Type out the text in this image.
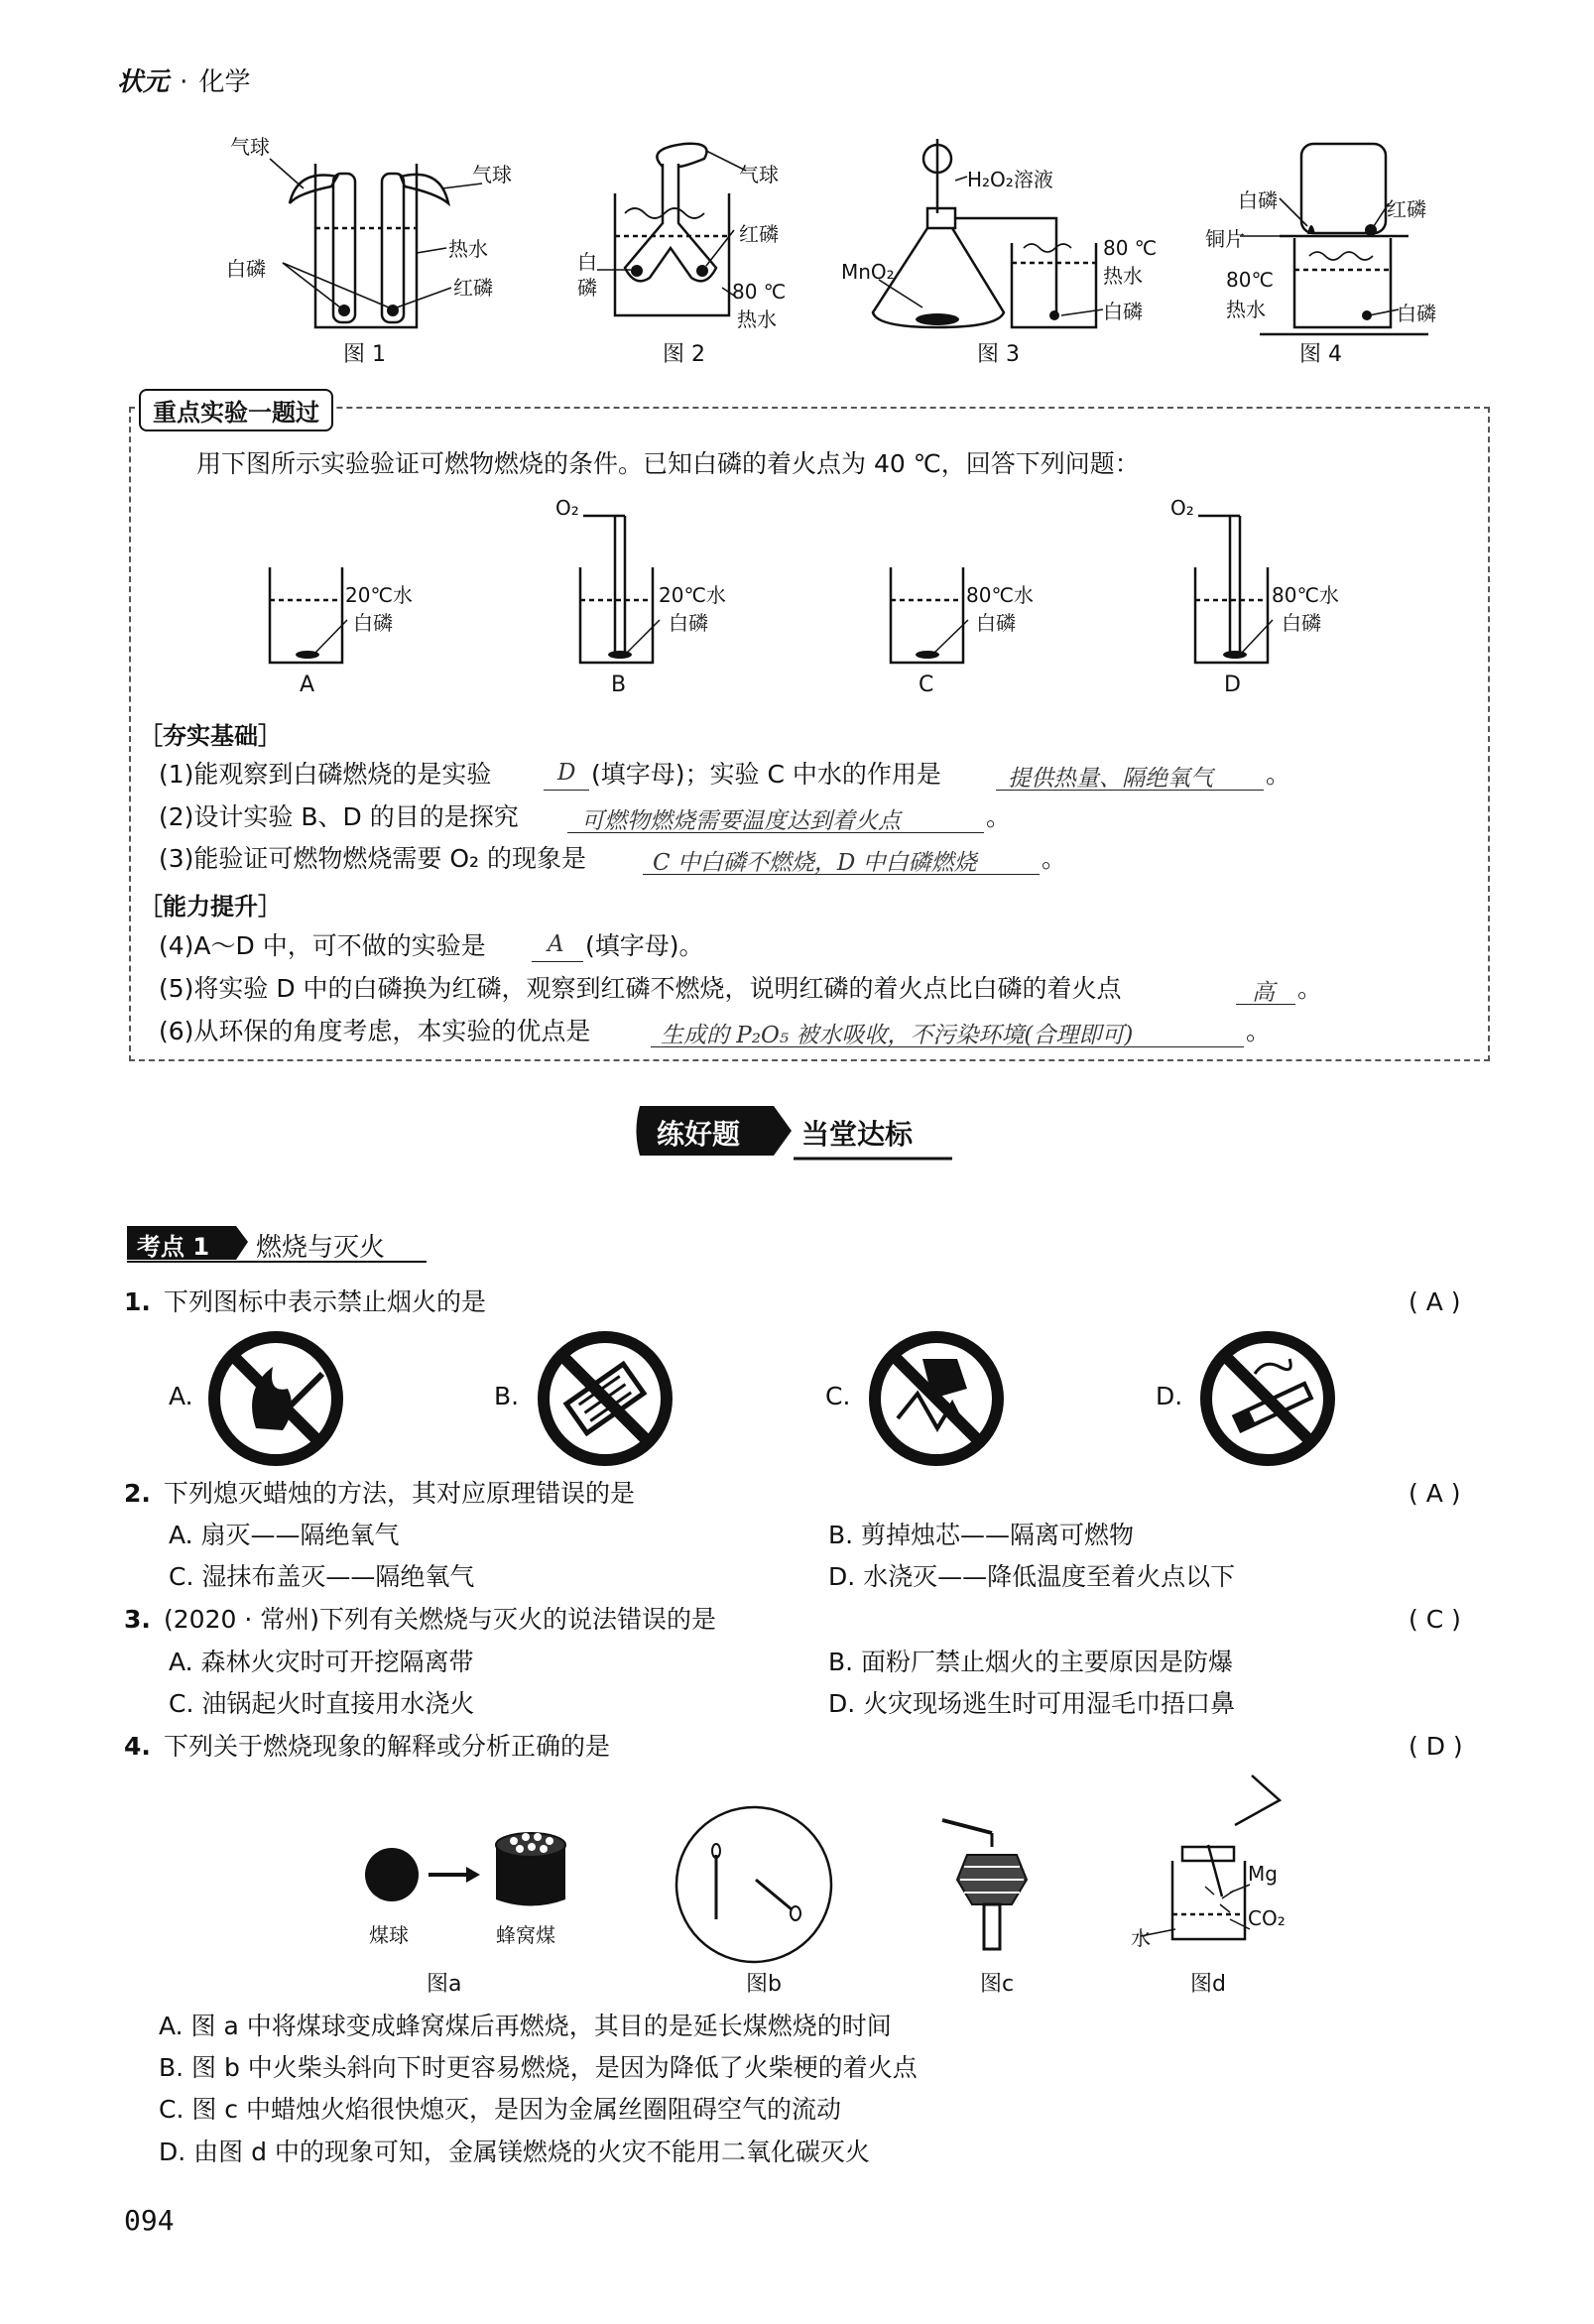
状元 · 化学
气球
气球
热水
白磷
红磷
图 1
气球
红磷
白
磷	80 ℃
热水
图 2
H₂O₂溶液
MnO₂
80 ℃
热水
白磷
图 3
白磷	红磷
铜片
80℃
热水	白磷
图 4
重点实验一题过
用下图所示实验验证可燃物燃烧的条件。已知白磷的着火点为 40 ℃，回答下列问题：
20℃水
白磷
A
O₂
20℃水
白磷
B
80℃水
白磷
C
O₂
80℃水
白磷
D
［夯实基础］
(1)能观察到白磷燃烧的是实验	D (填字母)；实验 C 中水的作用是	提供热量、隔绝氧气 。
(2)设计实验 B、D 的目的是探究	可燃物燃烧需要温度达到着火点	。
(3)能验证可燃物燃烧需要 O₂ 的现象是	C 中白磷不燃烧，D 中白磷燃烧	。
［能力提升］
(4)A～D 中，可不做的实验是	A (填字母)。
(5)将实验 D 中的白磷换为红磷，观察到红磷不燃烧，说明红磷的着火点比白磷的着火点	高 。
(6)从环保的角度考虑，本实验的优点是	生成的 P₂O₅ 被水吸收，不污染环境(合理即可)	。
练好题 当堂达标
考点 1 燃烧与灭火
1. 下列图标中表示禁止烟火的是	( A )
A.	B.	C.	D.
2. 下列熄灭蜡烛的方法，其对应原理错误的是	( A )
A. 扇灭——隔绝氧气	B. 剪掉烛芯——隔离可燃物
C. 湿抹布盖灭——隔绝氧气	D. 水浇灭——降低温度至着火点以下
3. (2020 · 常州)下列有关燃烧与灭火的说法错误的是	( C )
A. 森林火灾时可开挖隔离带	B. 面粉厂禁止烟火的主要原因是防爆
C. 油锅起火时直接用水浇火	D. 火灾现场逃生时可用湿毛巾捂口鼻
4. 下列关于燃烧现象的解释或分析正确的是	( D )
煤球	蜂窝煤
图a	图b	图c
Mg
CO₂
水
图d
A. 图 a 中将煤球变成蜂窝煤后再燃烧，其目的是延长煤燃烧的时间
B. 图 b 中火柴头斜向下时更容易燃烧，是因为降低了火柴梗的着火点
C. 图 c 中蜡烛火焰很快熄灭，是因为金属丝圈阻碍空气的流动
D. 由图 d 中的现象可知，金属镁燃烧的火灾不能用二氧化碳灭火
094
